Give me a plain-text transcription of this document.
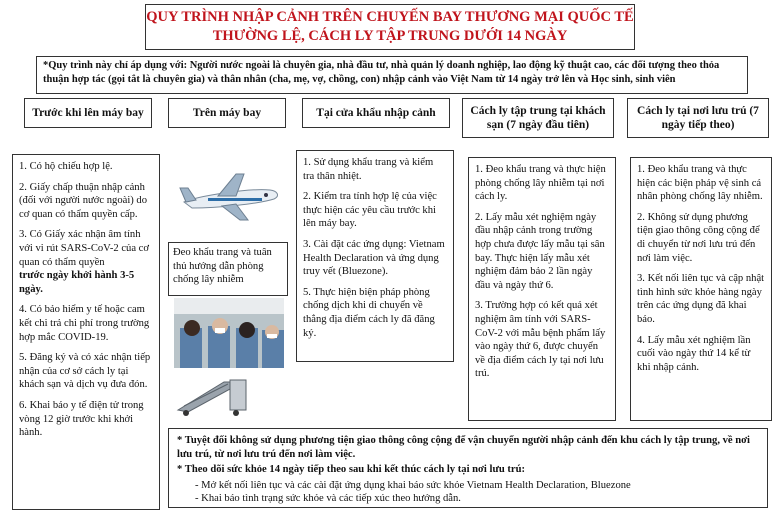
QUY TRÌNH NHẬP CẢNH TRÊN CHUYẾN BAY THƯƠNG MẠI QUỐC TẾ
THƯỜNG LỆ, CÁCH LY TẬP TRUNG DƯỚI 14 NGÀY
*Quy trình này chỉ áp dụng với: Người nước ngoài là chuyên gia, nhà đầu tư, nhà quản lý doanh nghiệp, lao động kỹ thuật cao, các đối tượng theo thỏa thuận hợp tác (gọi tắt là chuyên gia) và thân nhân (cha, mẹ, vợ, chồng, con) nhập cảnh vào Việt Nam từ 14 ngày trở lên và Học sinh, sinh viên
Trước khi lên máy bay	Trên máy bay	Tại cửa khẩu nhập cảnh	Cách ly tập trung tại khách sạn (7 ngày đầu tiên)
Cách ly tại nơi lưu trú (7 ngày tiếp theo)

1. Có hộ chiếu hợp lệ.

2. Giấy chấp thuận nhập cảnh (đối với người nước ngoài) do cơ quan có thẩm quyền cấp.

3. Có Giấy xác nhận âm tính với vi rút SARS-CoV-2 của cơ quan có thẩm quyền

trước ngày khởi hành 3-5 ngày.

4. Có bảo hiểm y tế hoặc cam kết chi trả chi phí trong trường hợp mắc COVID-19.

5. Đăng ký và có xác nhận tiếp nhận của cơ sở cách ly tại khách sạn và dịch vụ đưa đón.

6. Khai báo y tế điện tử trong vòng 12 giờ trước khi khởi hành.

Đeo khẩu trang và tuân thủ hướng dẫn phòng chống lây nhiễm

1. Sử dụng khẩu trang và kiểm tra thân nhiệt.

2. Kiểm tra tính hợp lệ của việc thực hiện các yêu cầu trước khi lên máy bay.

3. Cài đặt các ứng dụng: Vietnam Health Declaration và ứng dụng truy vết (Bluezone).

5. Thực hiện biện pháp phòng chống dịch khi di chuyển về thẳng địa điểm cách ly đã đăng ký.

1. Đeo khẩu trang và thực hiện phòng chống lây nhiễm tại nơi cách ly.

2. Lấy mẫu xét nghiệm ngày đầu nhập cảnh trong trường hợp chưa được lấy mẫu tại sân bay. Thực hiện lấy mẫu xét nghiệm đảm bảo 2 lần ngày đầu và ngày thứ 6.

3. Trường hợp có kết quả xét nghiệm âm tính với SARS-CoV-2 với mẫu bệnh phẩm lấy vào ngày thứ 6, được chuyển về địa điểm cách ly tại nơi lưu trú.

1. Đeo khẩu trang và thực hiện các biện pháp vệ sinh cá nhân phòng chống lây nhiễm.

2. Không sử dụng phương tiện giao thông công cộng để di chuyển từ nơi lưu trú đến nơi làm việc.

3. Kết nối liên tục và cập nhật tình hình sức khỏe hàng ngày trên các ứng dụng đã khai báo.

4. Lấy mẫu xét nghiệm lần cuối vào ngày thứ 14 kể từ khi nhập cảnh.

* Tuyệt đối không sử dụng phương tiện giao thông công cộng để vận chuyển người nhập cảnh đến khu cách ly tập trung, về nơi lưu trú, từ nơi lưu trú đến nơi làm việc.

* Theo dõi sức khỏe 14 ngày tiếp theo sau khi kết thúc cách ly tại nơi lưu trú:

- Mở kết nối liên tục và các cài đặt ứng dụng khai báo sức khỏe Vietnam Health Declaration, Bluezone

- Khai báo tình trạng sức khỏe và các tiếp xúc theo hướng dẫn.
